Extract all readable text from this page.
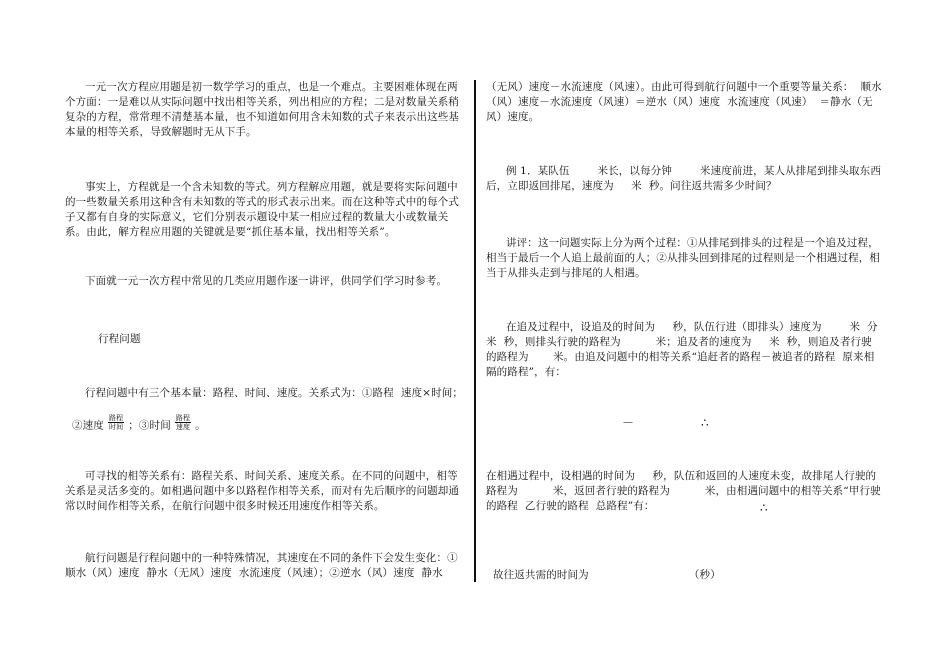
一元一次方程应用题是初一数学学习的重点，也是一个难点。主要困难体现在两个方面：一是难以从实际问题中找出相等关系，列出相应的方程；二是对数量关系稍复杂的方程，常常理不清楚基本量，也不知道如何用含未知数的式子来表示出这些基本量的相等关系，导致解题时无从下手。

事实上，方程就是一个含未知数的等式。列方程解应用题，就是要将实际问题中的一些数量关系用这种含有未知数的等式的形式表示出来。而在这种等式中的每个式子又都有自身的实际意义，它们分别表示题设中某一相应过程的数量大小或数量关系。由此，解方程应用题的关键就是要“抓住基本量，找出相等关系”。

下面就一元一次方程中常见的几类应用题作逐一讲评，供同学们学习时参考。

行程问题

行程问题中有三个基本量：路程、时间、速度。关系式为：①路程  速度×时间；

②速度 $\frac{\text{路程}}{\text{时间}}$ ；③时间 $\frac{\text{路程}}{\text{速度}}$ 。

可寻找的相等关系有：路程关系、时间关系、速度关系。在不同的问题中，相等关系是灵活多变的。如相遇问题中多以路程作相等关系，而对有先后顺序的问题却通常以时间作相等关系，在航行问题中很多时候还用速度作相等关系。

航行问题是行程问题中的一种特殊情况，其速度在不同的条件下会发生变化：①顺水（风）速度  静水（无风）速度  水流速度（风速）；②逆水（风）速度  静水

（无风）速度－水流速度（风速）。由此可得到航行问题中一个重要等量关系：  顺水（风）速度－水流速度（风速）＝逆水（风）速度  水流速度（风速）  ＝静水（无风）速度。

例 1．某队伍        米长，以每分钟        米速度前进，某人从排尾到排头取东西后，立即返回排尾，速度为     米  秒。问往返共需多少时间？

讲评：这一问题实际上分为两个过程：①从排尾到排头的过程是一个追及过程，相当于最后一个人追上最前面的人；②从排头回到排尾的过程则是一个相遇过程，相当于从排头走到与排尾的人相遇。

在追及过程中，设追及的时间为     秒，队伍行进（即排头）速度为        米  分         米  秒，则排头行驶的路程为          米；追及者的速度为     米  秒，则追及者行驶的路程为       米。由追及问题中的相等关系“追赶者的路程－被追者的路程  原来相隔的路程”，有：

－	∴

在相遇过程中，设相遇的时间为     秒，队伍和返回的人速度未变，故排尾人行驶的路程为          米，返回者行驶的路程为          米，由相遇问题中的相等关系“甲行驶的路程  乙行驶的路程  总路程”有：	∴

故往返共需的时间为	（秒）
